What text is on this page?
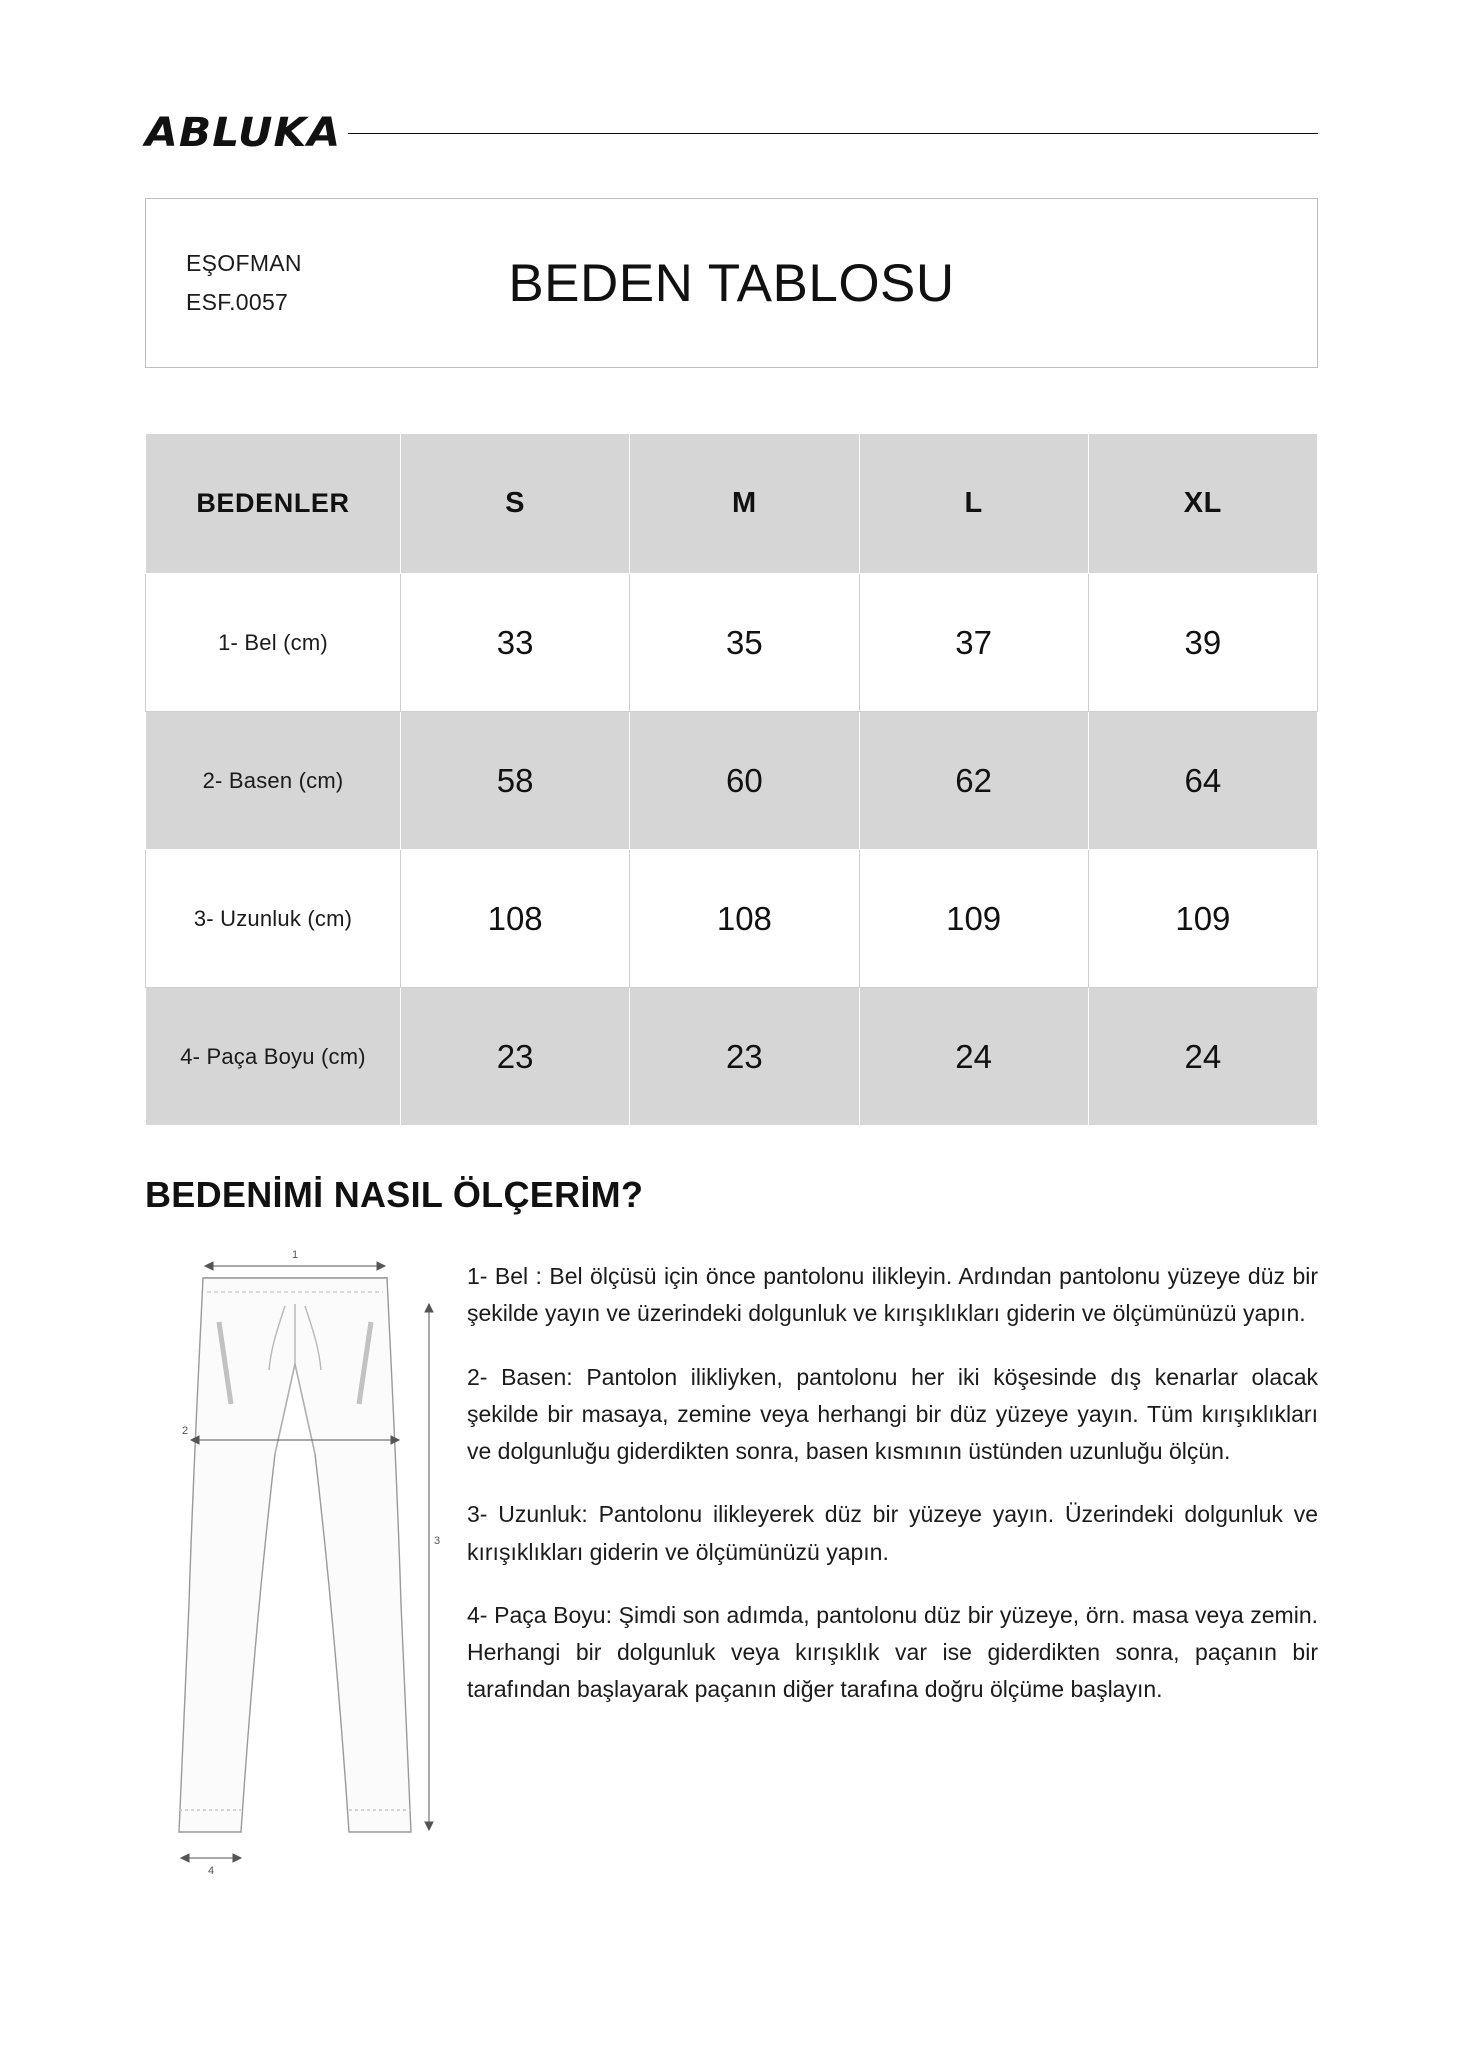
ABLUKA
EŞOFMAN
ESF.0057	BEDEN TABLOSU
BEDENLER	S	M	L	XL
1- Bel (cm)	33	35	37	39
2- Basen (cm)	58	60	62	64
3- Uzunluk (cm)	108	108	109	109
4- Paça Boyu (cm)	23	23	24	24
BEDENİMİ NASIL ÖLÇERİM?
1
2
3
4

1- Bel : Bel ölçüsü için önce pantolonu ilikleyin. Ardından pantolonu yüzeye düz bir şekilde yayın ve üzerindeki dolgunluk ve kırışıklıkları giderin ve ölçümünüzü yapın.

2- Basen: Pantolon ilikliyken, pantolonu her iki köşesinde dış kenarlar olacak şekilde bir masaya, zemine veya herhangi bir düz yüzeye yayın. Tüm kırışıklıkları ve dolgunluğu giderdikten sonra, basen kısmının üstünden uzunluğu ölçün.

3- Uzunluk: Pantolonu ilikleyerek düz bir yüzeye yayın. Üzerindeki dolgunluk ve kırışıklıkları giderin ve ölçümünüzü yapın.

4- Paça Boyu: Şimdi son adımda, pantolonu düz bir yüzeye, örn. masa veya zemin. Herhangi bir dolgunluk veya kırışıklık var ise giderdikten sonra, paçanın bir tarafından başlayarak paçanın diğer tarafına doğru ölçüme başlayın.
